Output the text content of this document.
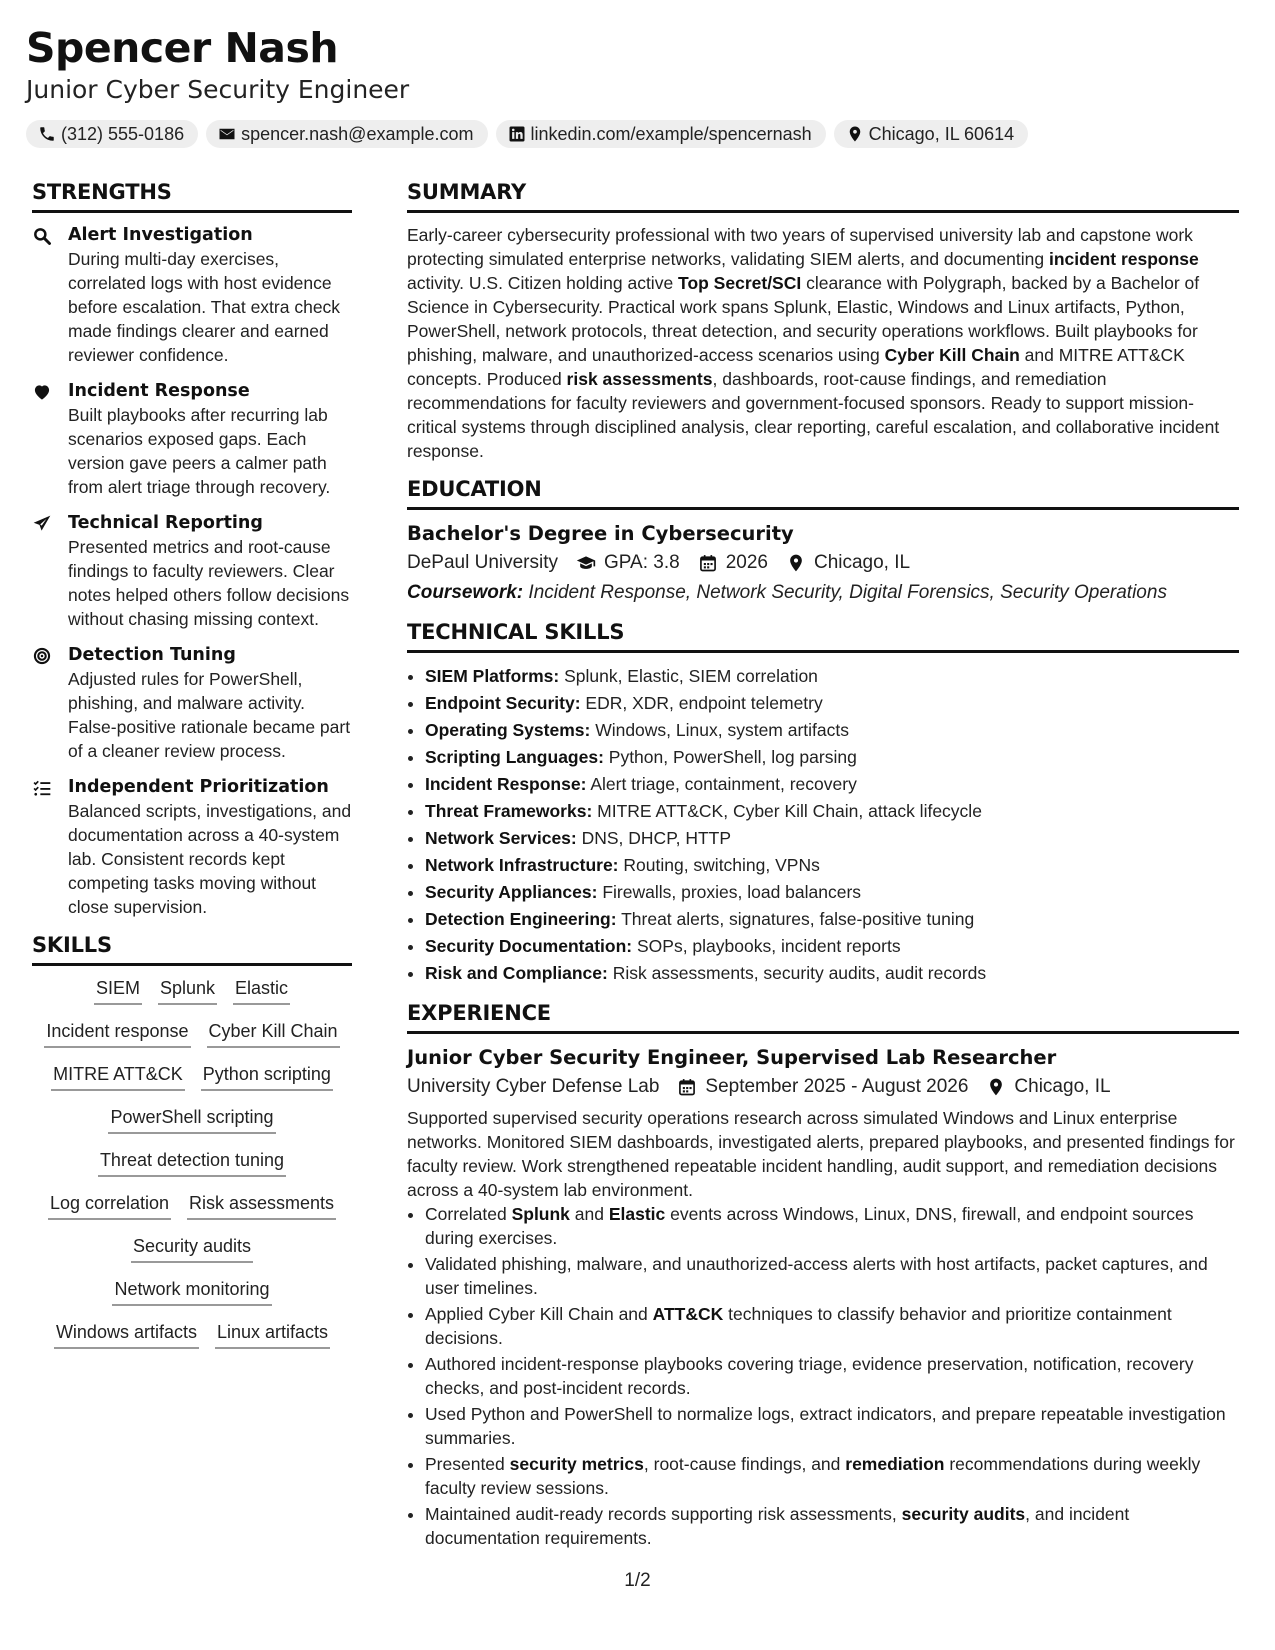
Spencer Nash
Junior Cyber Security Engineer
(312) 555-0186	spencer.nash@example.com	linkedin.com/example/spencernash	Chicago, IL 60614
STRENGTHS
Alert Investigation
During multi-day exercises, correlated logs with host evidence before escalation. That extra check made findings clearer and earned reviewer confidence.
Incident Response
Built playbooks after recurring lab scenarios exposed gaps. Each version gave peers a calmer path from alert triage through recovery.
Technical Reporting
Presented metrics and root-cause findings to faculty reviewers. Clear notes helped others follow decisions without chasing missing context.
Detection Tuning
Adjusted rules for PowerShell, phishing, and malware activity. False-positive rationale became part of a cleaner review process.
Independent Prioritization
Balanced scripts, investigations, and documentation across a 40-system lab. Consistent records kept competing tasks moving without close supervision.
SKILLS
SIEM Splunk Elastic
Incident response Cyber Kill Chain
MITRE ATT&CK Python scripting
PowerShell scripting
Threat detection tuning
Log correlation Risk assessments
Security audits
Network monitoring
Windows artifacts Linux artifacts
SUMMARY

Early-career cybersecurity professional with two years of supervised university lab and capstone work protecting simulated enterprise networks, validating SIEM alerts, and documenting incident response activity. U.S. Citizen holding active Top Secret/SCI clearance with Polygraph, backed by a Bachelor of Science in Cybersecurity. Practical work spans Splunk, Elastic, Windows and Linux artifacts, Python, PowerShell, network protocols, threat detection, and security operations workflows. Built playbooks for phishing, malware, and unauthorized-access scenarios using Cyber Kill Chain and MITRE ATT&CK concepts. Produced risk assessments, dashboards, root-cause findings, and remediation recommendations for faculty reviewers and government-focused sponsors. Ready to support mission-critical systems through disciplined analysis, clear reporting, careful escalation, and collaborative incident response.

EDUCATION
Bachelor's Degree in Cybersecurity
DePaul University GPA: 3.8 2026 Chicago, IL
Coursework: Incident Response, Network Security, Digital Forensics, Security Operations
TECHNICAL SKILLS
• SIEM Platforms: Splunk, Elastic, SIEM correlation
• Endpoint Security: EDR, XDR, endpoint telemetry
• Operating Systems: Windows, Linux, system artifacts
• Scripting Languages: Python, PowerShell, log parsing
• Incident Response: Alert triage, containment, recovery
• Threat Frameworks: MITRE ATT&CK, Cyber Kill Chain, attack lifecycle
• Network Services: DNS, DHCP, HTTP
• Network Infrastructure: Routing, switching, VPNs
• Security Appliances: Firewalls, proxies, load balancers
• Detection Engineering: Threat alerts, signatures, false-positive tuning
• Security Documentation: SOPs, playbooks, incident reports
• Risk and Compliance: Risk assessments, security audits, audit records
EXPERIENCE
Junior Cyber Security Engineer, Supervised Lab Researcher
University Cyber Defense Lab September 2025 - August 2026 Chicago, IL

Supported supervised security operations research across simulated Windows and Linux enterprise networks. Monitored SIEM dashboards, investigated alerts, prepared playbooks, and presented findings for faculty review. Work strengthened repeatable incident handling, audit support, and remediation decisions across a 40-system lab environment.

• Correlated Splunk and Elastic events across Windows, Linux, DNS, firewall, and endpoint sources during exercises.
• Validated phishing, malware, and unauthorized-access alerts with host artifacts, packet captures, and user timelines.
• Applied Cyber Kill Chain and ATT&CK techniques to classify behavior and prioritize containment decisions.
• Authored incident-response playbooks covering triage, evidence preservation, notification, recovery checks, and post-incident records.
• Used Python and PowerShell to normalize logs, extract indicators, and prepare repeatable investigation summaries.
• Presented security metrics, root-cause findings, and remediation recommendations during weekly faculty review sessions.
• Maintained audit-ready records supporting risk assessments, security audits, and incident documentation requirements.
1/2
